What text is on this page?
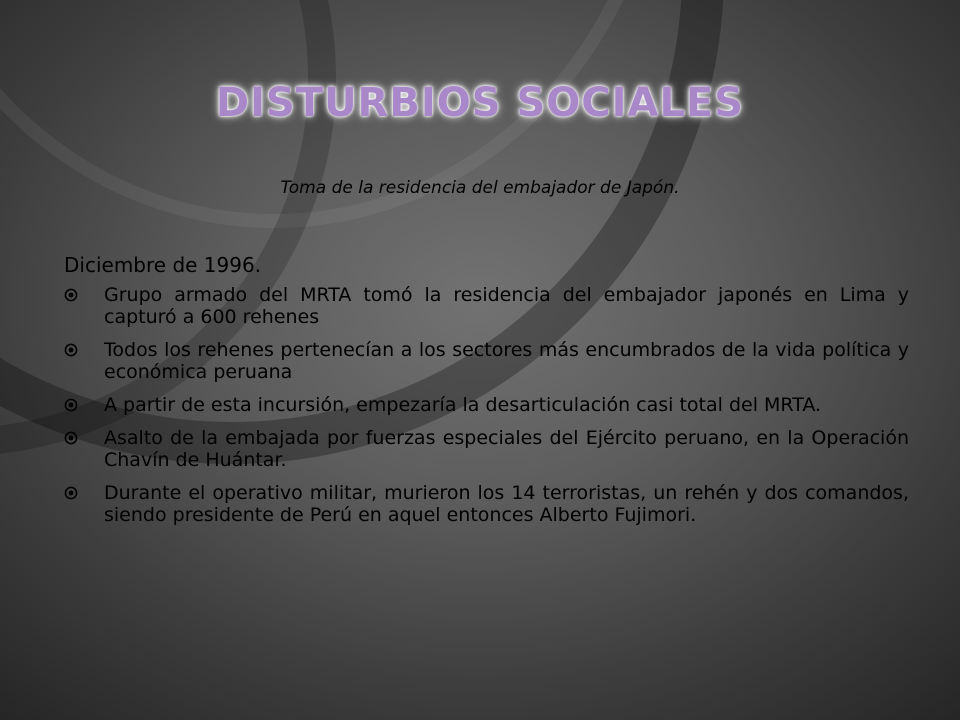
DISTURBIOS SOCIALES

Toma de la residencia del embajador de Japón.

Diciembre de 1996.

Grupo armado del MRTA tomó la residencia del embajador japonés en Lima y capturó a 600 rehenes
Todos los rehenes pertenecían a los sectores más encumbrados de la vida política y económica peruana
A partir de esta incursión, empezaría la desarticulación casi total del MRTA.
Asalto de la embajada por fuerzas especiales del Ejército peruano, en la Operación Chavín de Huántar.
Durante el operativo militar, murieron los 14 terroristas, un rehén y dos comandos, siendo presidente de Perú en aquel entonces Alberto Fujimori.
